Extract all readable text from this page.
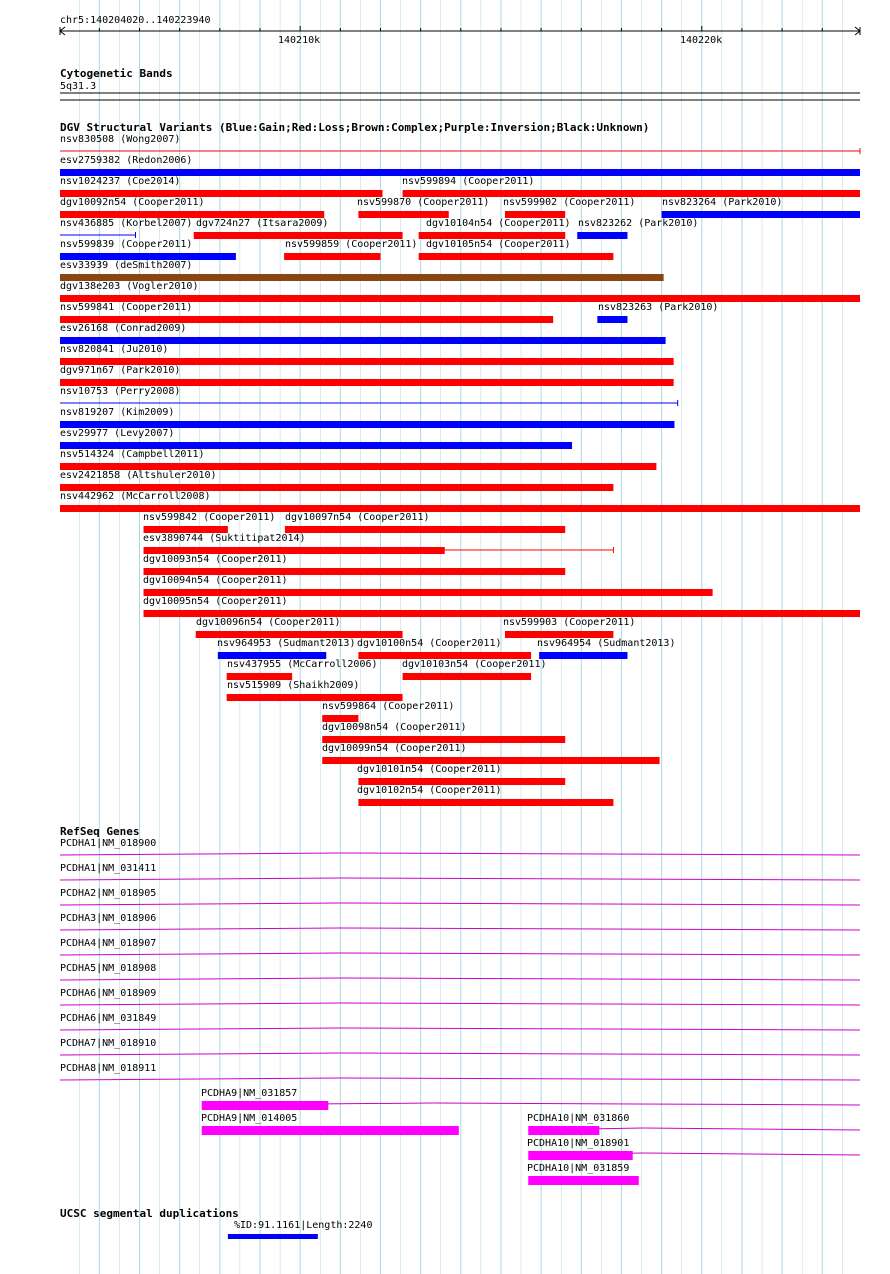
chr5:140204020..140223940
140210k	140220k
Cytogenetic Bands
5q31.3
DGV Structural Variants (Blue:Gain;Red:Loss;Brown:Complex;Purple:Inversion;Black:Unknown)
RefSeq Genes
UCSC segmental duplications
nsv830508 (Wong2007)
esv2759382 (Redon2006)
nsv1024237 (Coe2014)	nsv599894 (Cooper2011)
dgv10092n54 (Cooper2011)	nsv599870 (Cooper2011) nsv599902 (Cooper2011)	nsv823264 (Park2010)
nsv436885 (Korbel2007) dgv724n27 (Itsara2009)	dgv10104n54 (Cooper2011) nsv823262 (Park2010)
nsv599839 (Cooper2011)	nsv599859 (Cooper2011) dgv10105n54 (Cooper2011)
esv33939 (deSmith2007)
dgv138e203 (Vogler2010)
nsv599841 (Cooper2011)	nsv823263 (Park2010)
esv26168 (Conrad2009)
nsv820841 (Ju2010)
dgv971n67 (Park2010)
nsv10753 (Perry2008)
nsv819207 (Kim2009)
esv29977 (Levy2007)
nsv514324 (Campbell2011)
esv2421858 (Altshuler2010)
nsv442962 (McCarroll2008)
nsv599842 (Cooper2011) dgv10097n54 (Cooper2011)
esv3890744 (Suktitipat2014)
dgv10093n54 (Cooper2011)
dgv10094n54 (Cooper2011)
dgv10095n54 (Cooper2011)
dgv10096n54 (Cooper2011)	nsv599903 (Cooper2011)
nsv964953 (Sudmant2013) dgv10100n54 (Cooper2011)	nsv964954 (Sudmant2013)
nsv437955 (McCarroll2006) dgv10103n54 (Cooper2011)
nsv515909 (Shaikh2009)
nsv599864 (Cooper2011)
dgv10098n54 (Cooper2011)
dgv10099n54 (Cooper2011)
dgv10101n54 (Cooper2011)
dgv10102n54 (Cooper2011)
PCDHA1|NM_018900
PCDHA1|NM_031411
PCDHA2|NM_018905
PCDHA3|NM_018906
PCDHA4|NM_018907
PCDHA5|NM_018908
PCDHA6|NM_018909
PCDHA6|NM_031849
PCDHA7|NM_018910
PCDHA8|NM_018911
PCDHA9|NM_031857
PCDHA9|NM_014005	PCDHA10|NM_031860
PCDHA10|NM_018901
PCDHA10|NM_031859
%ID:91.1161|Length:2240
